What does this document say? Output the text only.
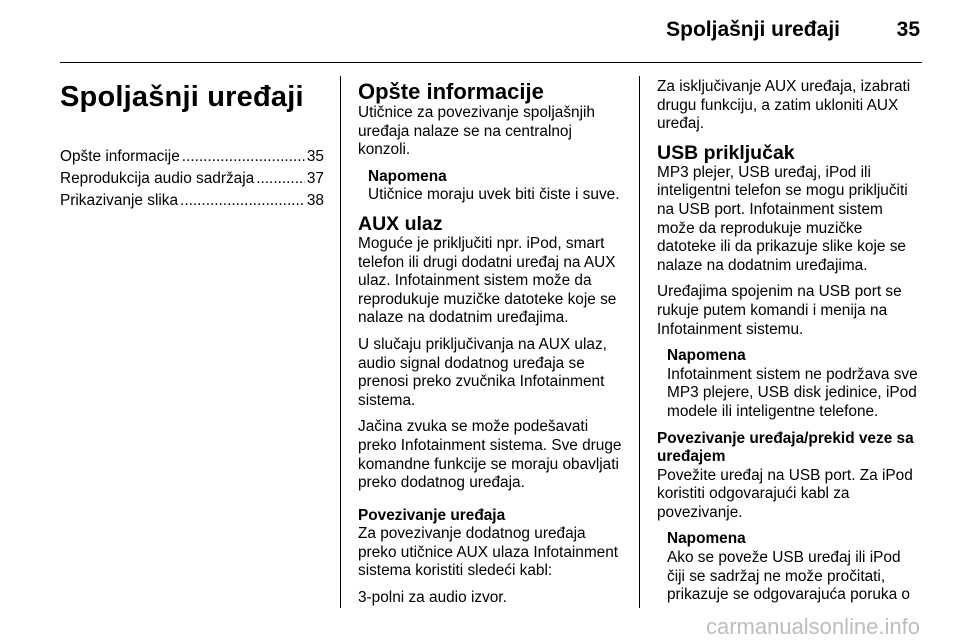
Spoljašnji uređaji	35
Spoljašnji uređaji
Opšte informacije .....	35
Reprodukcija audio sadržaja .....	37
Prikazivanje slika .....	38
Opšte informacije

Utičnice za povezivanje spoljašnjih uređaja nalaze se na centralnoj konzoli.

Napomena

Utičnice moraju uvek biti čiste i suve.

AUX ulaz

Moguće je priključiti npr. iPod, smart telefon ili drugi dodatni uređaj na AUX ulaz. Infotainment sistem može da reprodukuje muzičke datoteke koje se nalaze na dodatnim uređajima.

U slučaju priključivanja na AUX ulaz, audio signal dodatnog uređaja se prenosi preko zvučnika Infotainment sistema.

Jačina zvuka se može podešavati preko Infotainment sistema. Sve druge komandne funkcije se moraju obavljati preko dodatnog uređaja.

Povezivanje uređaja

Za povezivanje dodatnog uređaja preko utičnice AUX ulaza Infotainment sistema koristiti sledeći kabl:

3-polni za audio izvor.

Za isključivanje AUX uređaja, izabrati drugu funkciju, a zatim ukloniti AUX uređaj.

USB priključak

MP3 plejer, USB uređaj, iPod ili inteligentni telefon se mogu priključiti na USB port. Infotainment sistem može da reprodukuje muzičke datoteke ili da prikazuje slike koje se nalaze na dodatnim uređajima.

Uređajima spojenim na USB port se rukuje putem komandi i menija na Infotainment sistemu.

Napomena

Infotainment sistem ne podržava sve MP3 plejere, USB disk jedinice, iPod modele ili inteligentne telefone.

Povezivanje uređaja/prekid veze sa uređajem

Povežite uređaj na USB port. Za iPod koristiti odgovarajući kabl za povezivanje.

Napomena

Ako se poveže USB uređaj ili iPod čiji se sadržaj ne može pročitati, prikazuje se odgovarajuća poruka o

carmanualsonline.info
